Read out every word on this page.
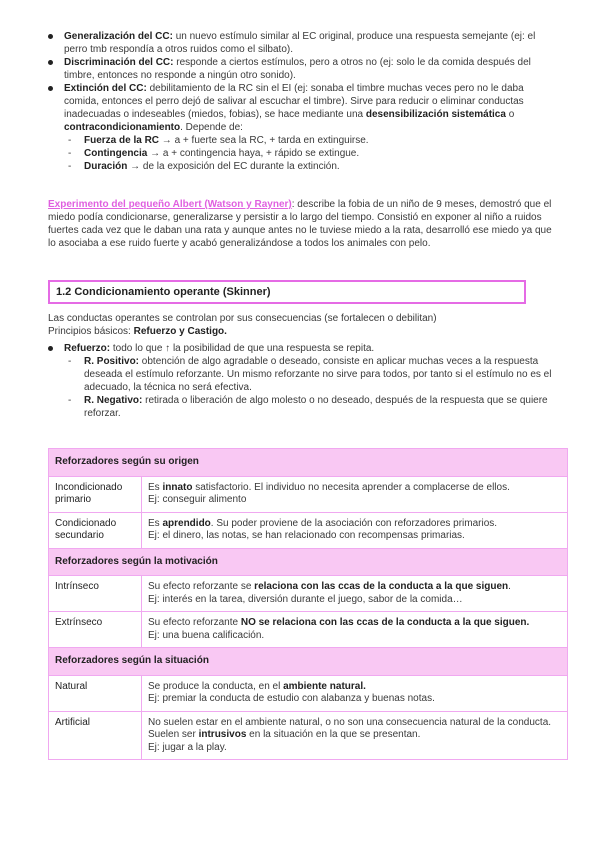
Generalización del CC: un nuevo estímulo similar al EC original, produce una respuesta semejante (ej: el perro tmb respondía a otros ruidos como el silbato).
Discriminación del CC: responde a ciertos estímulos, pero a otros no (ej: solo le da comida después del timbre, entonces no responde a ningún otro sonido).
Extinción del CC: debilitamiento de la RC sin el EI (ej: sonaba el timbre muchas veces pero no le daba comida, entonces el perro dejó de salivar al escuchar el timbre). Sirve para reducir o eliminar conductas inadecuadas o indeseables (miedos, fobias), se hace mediante una desensibilización sistemática o contracondicionamiento. Depende de:
- Fuerza de la RC → a + fuerte sea la RC, + tarda en extinguirse.
- Contingencia → a + contingencia haya, + rápido se extingue.
- Duración → de la exposición del EC durante la extinción.

Experimento del pequeño Albert (Watson y Rayner): describe la fobia de un niño de 9 meses, demostró que el miedo podía condicionarse, generalizarse y persistir a lo largo del tiempo. Consistió en exponer al niño a ruidos fuertes cada vez que le daban una rata y aunque antes no le tuviese miedo a la rata, desarrolló ese miedo ya que lo asociaba a ese ruido fuerte y acabó generalizándose a todos los animales con pelo.

1.2 Condicionamiento operante (Skinner)

Las conductas operantes se controlan por sus consecuencias (se fortalecen o debilitan)
Principios básicos: Refuerzo y Castigo.

Refuerzo: todo lo que ↑ la posibilidad de que una respuesta se repita.
- R. Positivo: obtención de algo agradable o deseado, consiste en aplicar muchas veces a la respuesta deseada el estímulo reforzante. Un mismo reforzante no sirve para todos, por tanto si el estímulo no es el adecuado, la técnica no será efectiva.
- R. Negativo: retirada o liberación de algo molesto o no deseado, después de la respuesta que se quiere reforzar.
Reforzadores según su origen	
Incondicionado primario	Es innato satisfactorio. El individuo no necesita aprender a complacerse de ellos.
Ej: conseguir alimento
Condicionado secundario	Es aprendido. Su poder proviene de la asociación con reforzadores primarios.
Ej: el dinero, las notas, se han relacionado con recompensas primarias.
Reforzadores según la motivación	
Intrínseco	Su efecto reforzante se relaciona con las ccas de la conducta a la que siguen.
Ej: interés en la tarea, diversión durante el juego, sabor de la comida…
Extrínseco	Su efecto reforzante NO se relaciona con las ccas de la conducta a la que siguen.
Ej: una buena calificación.
Reforzadores según la situación	
Natural	Se produce la conducta, en el ambiente natural.
Ej: premiar la conducta de estudio con alabanza y buenas notas.
Artificial	No suelen estar en el ambiente natural, o no son una consecuencia natural de la conducta. Suelen ser intrusivos en la situación en la que se presentan.
Ej: jugar a la play.
